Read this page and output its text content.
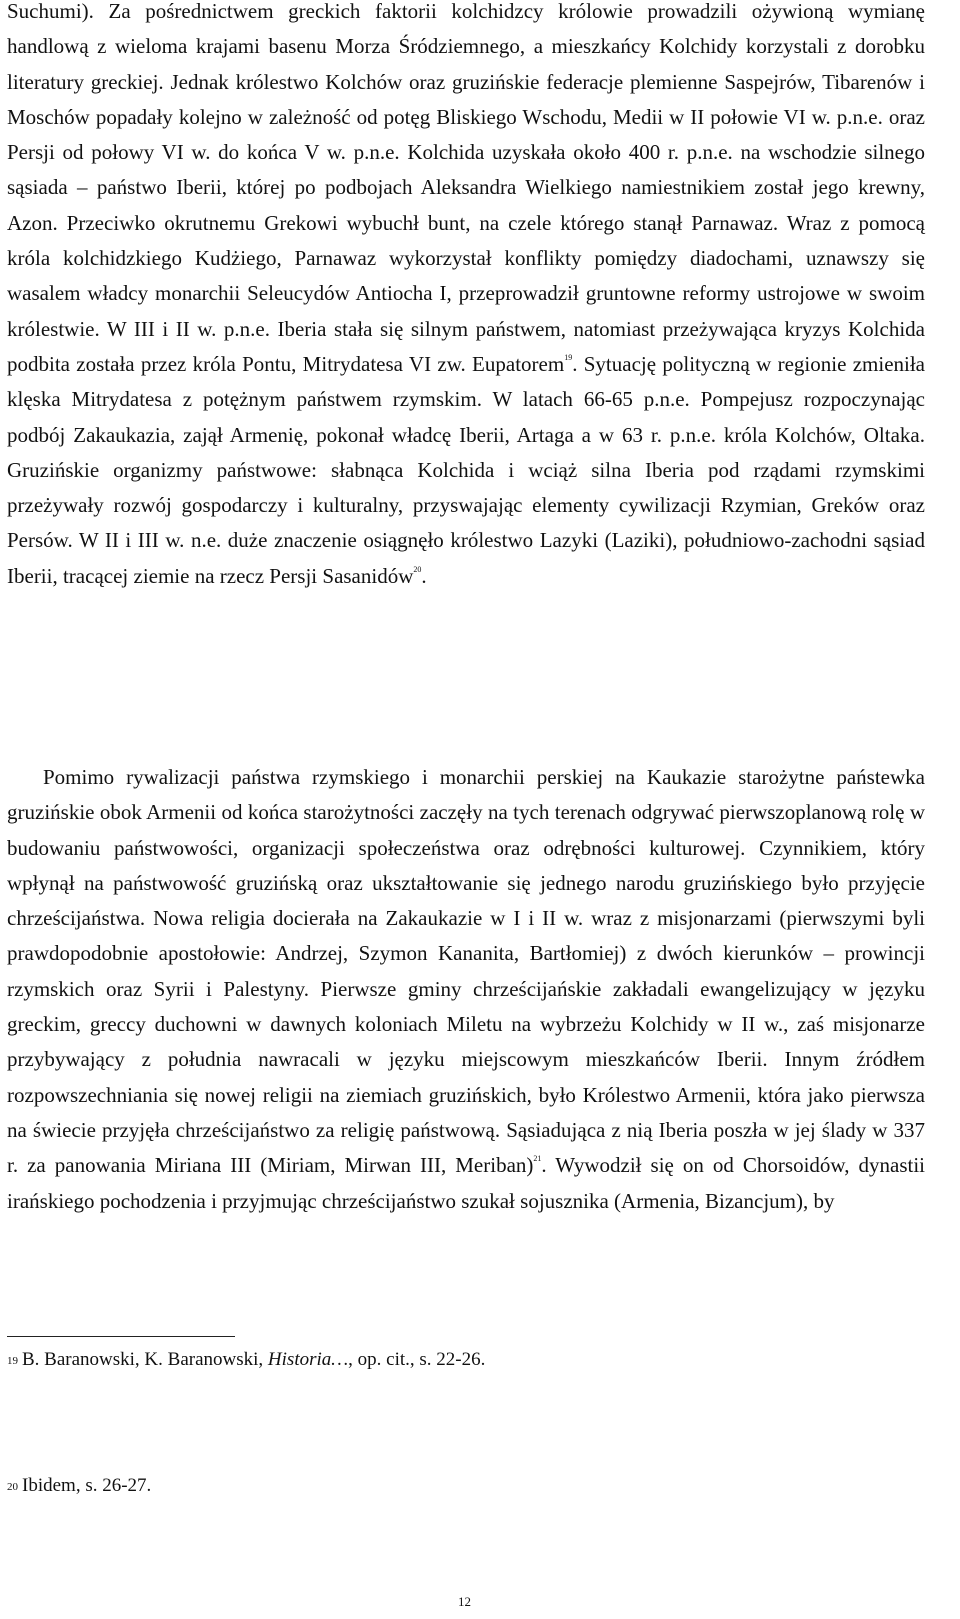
Suchumi). Za pośrednictwem greckich faktorii kolchidzcy królowie prowadzili ożywioną wymianę handlową z wieloma krajami basenu Morza Śródziemnego, a mieszkańcy Kolchidy korzystali z dorobku literatury greckiej. Jednak królestwo Kolchów oraz gruzińskie federacje plemienne Saspejrów, Tibarenów i Moschów popadały kolejno w zależność od potęg Bliskiego Wschodu, Medii w II połowie VI w. p.n.e. oraz Persji od połowy VI w. do końca V w. p.n.e. Kolchida uzyskała około 400 r. p.n.e. na wschodzie silnego sąsiada – państwo Iberii, której po podbojach Aleksandra Wielkiego namiestnikiem został jego krewny, Azon. Przeciwko okrutnemu Grekowi wybuchł bunt, na czele którego stanął Parnawaz. Wraz z pomocą króla kolchidzkiego Kudżiego, Parnawaz wykorzystał konflikty pomiędzy diadochami, uznawszy się wasalem władcy monarchii Seleucydów Antiocha I, przeprowadził gruntowne reformy ustrojowe w swoim królestwie. W III i II w. p.n.e. Iberia stała się silnym państwem, natomiast przeżywająca kryzys Kolchida podbita została przez króla Pontu, Mitrydatesa VI zw. Eupatorem$^{19}$. Sytuację polityczną w regionie zmieniła klęska Mitrydatesa z potężnym państwem rzymskim. W latach 66-65 p.n.e. Pompejusz rozpoczynając podbój Zakaukazia, zajął Armenię, pokonał władcę Iberii, Artaga a w 63 r. p.n.e. króla Kolchów, Oltaka. Gruzińskie organizmy państwowe: słabnąca Kolchida i wciąż silna Iberia pod rządami rzymskimi przeżywały rozwój gospodarczy i kulturalny, przyswajając elementy cywilizacji Rzymian, Greków oraz Persów. W II i III w. n.e. duże znaczenie osiągnęło królestwo Lazyki (Laziki), południowo-zachodni sąsiad Iberii, tracącej ziemie na rzecz Persji Sasanidów$^{20}$.

Pomimo rywalizacji państwa rzymskiego i monarchii perskiej na Kaukazie starożytne państewka gruzińskie obok Armenii od końca starożytności zaczęły na tych terenach odgrywać pierwszoplanową rolę w budowaniu państwowości, organizacji społeczeństwa oraz odrębności kulturowej. Czynnikiem, który wpłynął na państwowość gruzińską oraz ukształtowanie się jednego narodu gruzińskiego było przyjęcie chrześcijaństwa. Nowa religia docierała na Zakaukazie w I i II w. wraz z misjonarzami (pierwszymi byli prawdopodobnie apostołowie: Andrzej, Szymon Kananita, Bartłomiej) z dwóch kierunków – prowincji rzymskich oraz Syrii i Palestyny. Pierwsze gminy chrześcijańskie zakładali ewangelizujący w języku greckim, greccy duchowni w dawnych koloniach Miletu na wybrzeżu Kolchidy w II w., zaś misjonarze przybywający z południa nawracali w języku miejscowym mieszkańców Iberii. Innym źródłem rozpowszechniania się nowej religii na ziemiach gruzińskich, było Królestwo Armenii, która jako pierwsza na świecie przyjęła chrześcijaństwo za religię państwową. Sąsiadująca z nią Iberia poszła w jej ślady w 337 r. za panowania Miriana III (Miriam, Mirwan III, Meriban)$^{21}$. Wywodził się on od Chorsoidów, dynastii irańskiego pochodzenia i przyjmując chrześcijaństwo szukał sojusznika (Armenia, Bizancjum), by

19 B. Baranowski, K. Baranowski, Historia…, op. cit., s. 22-26.

20 Ibidem, s. 26-27.

12
